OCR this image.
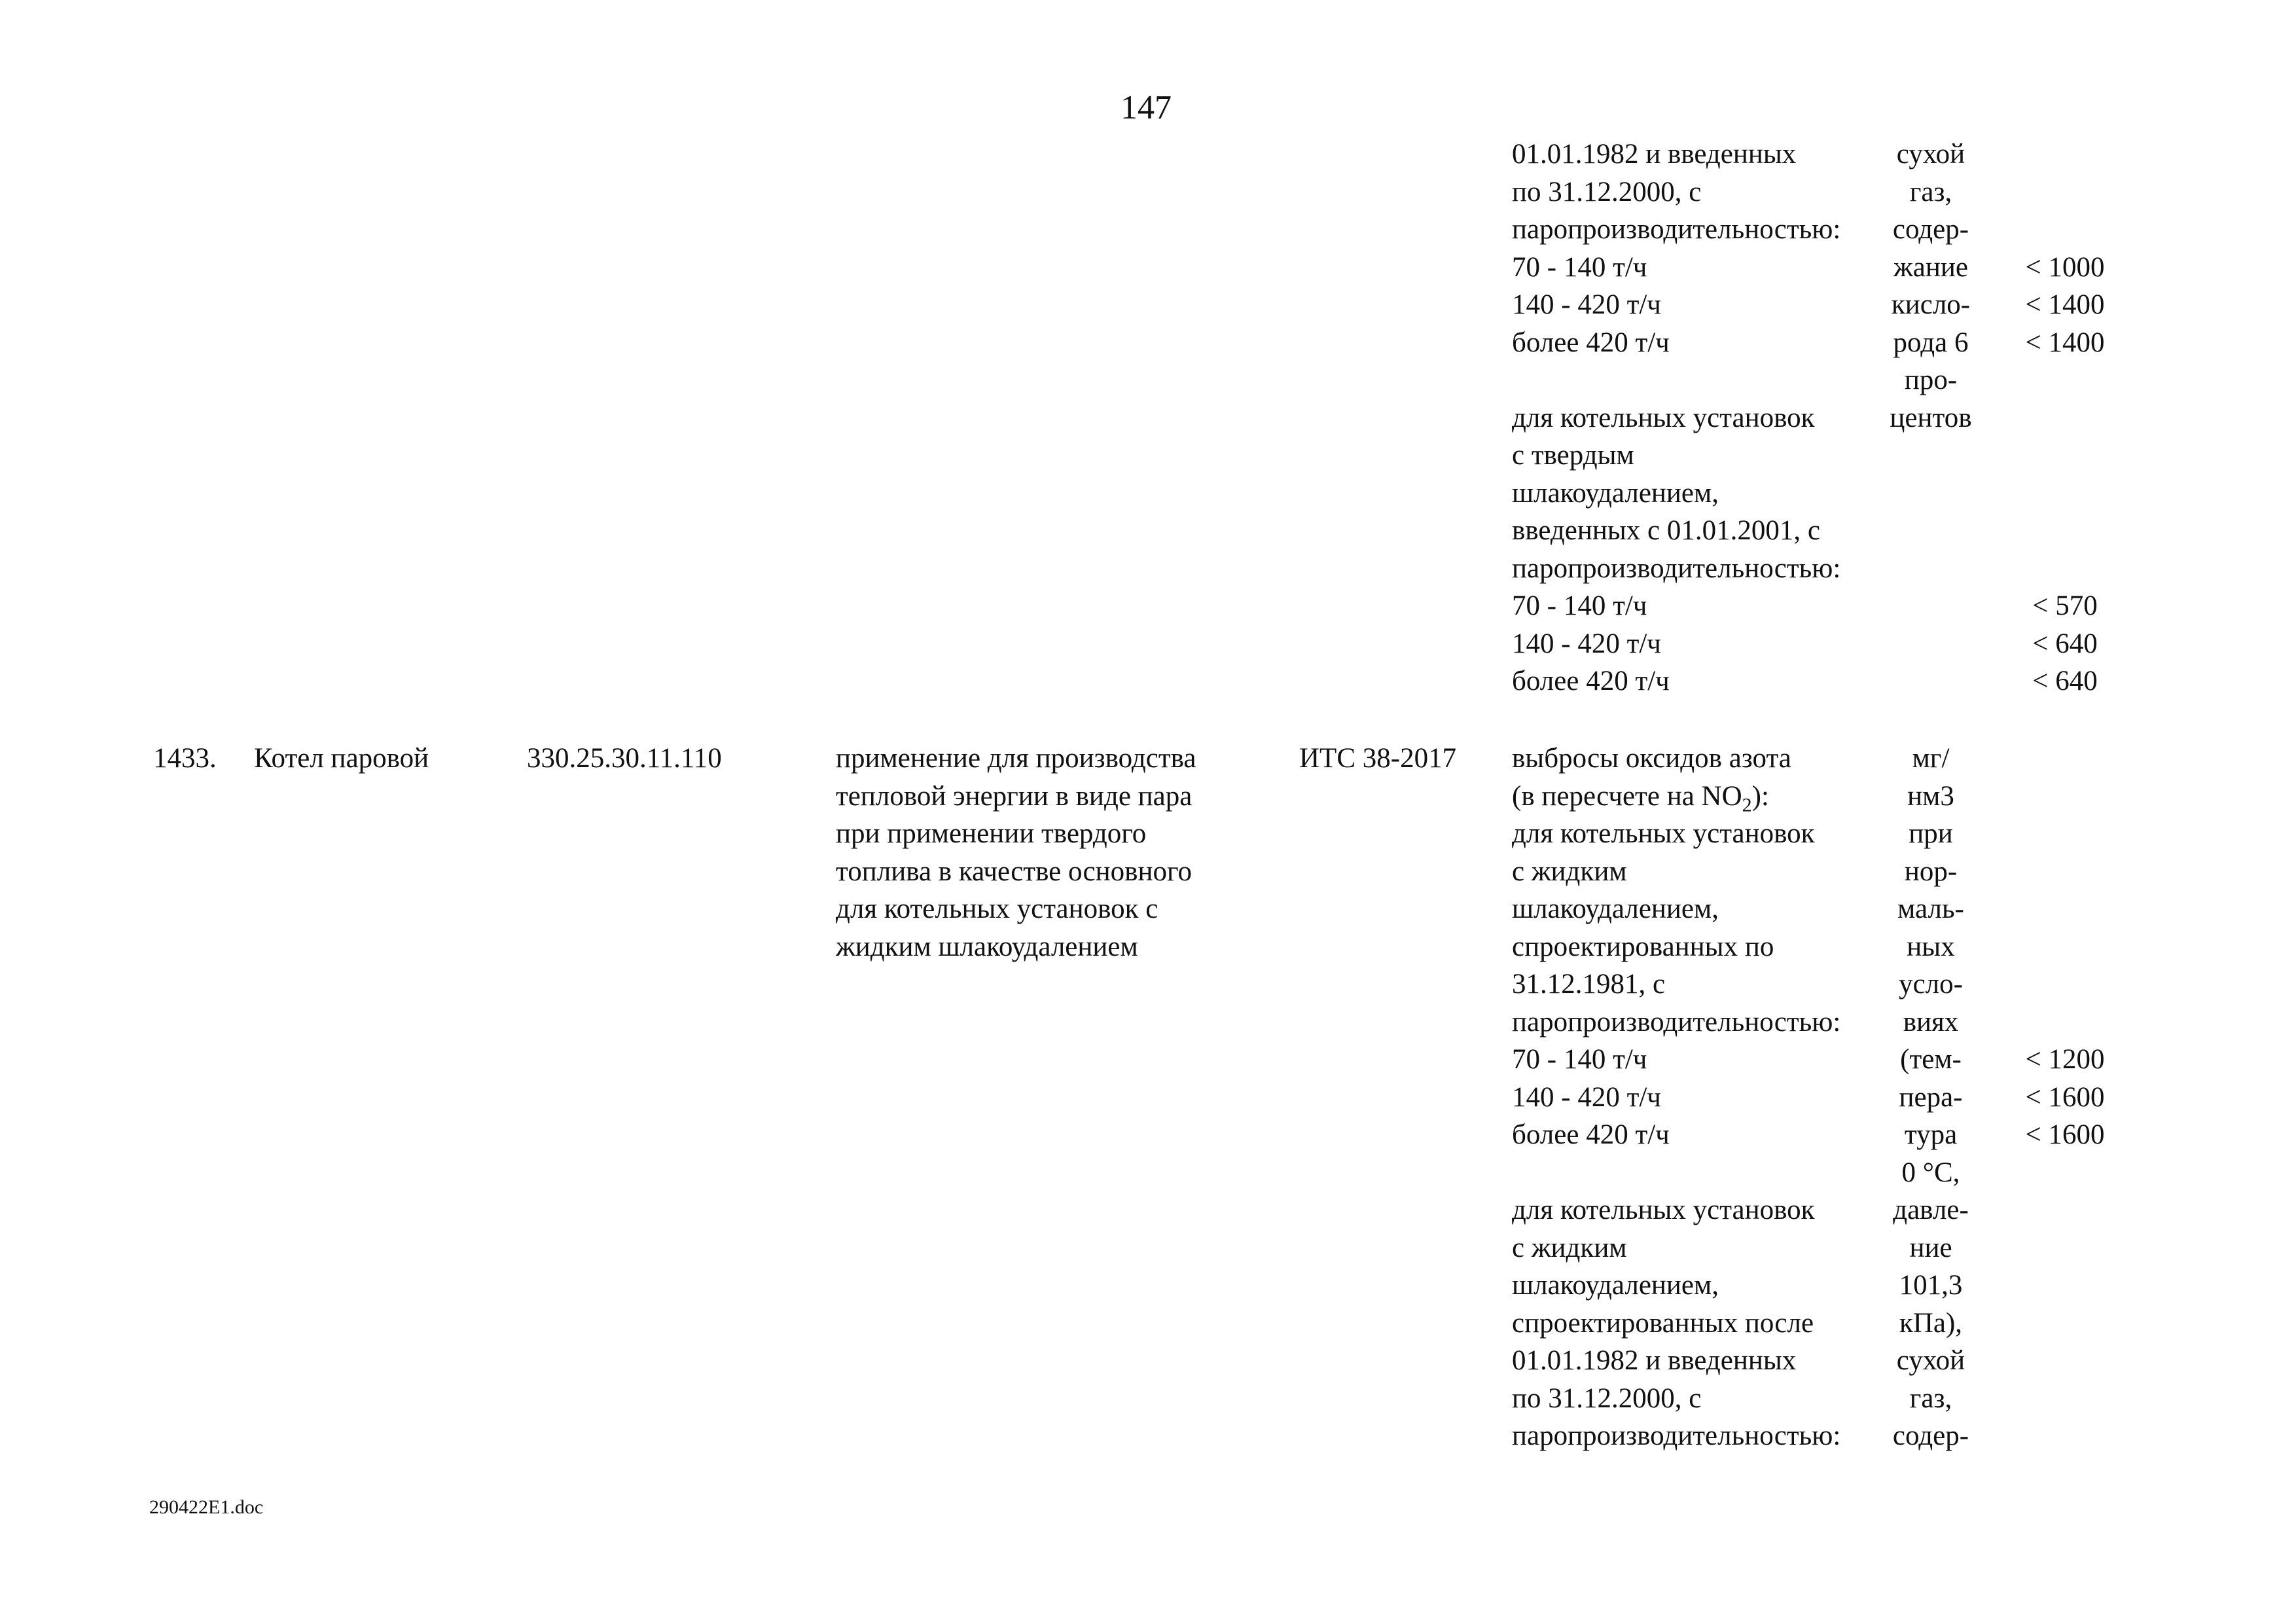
147
01.01.1982 и введенных
по 31.12.2000, с
паропроизводительностью:
70 - 140 т/ч
140 - 420 т/ч
более 420 т/ч

для котельных установок
с твердым
шлакоудалением,
введенных с 01.01.2001, с
паропроизводительностью:
70 - 140 т/ч
140 - 420 т/ч
более 420 т/ч
сухой
газ,
содер-
жание
кисло-
рода 6
про-
центов

< 1000
< 1400
< 1400

< 570
< 640
< 640
1433. Котел паровой	330.25.30.11.110	применение для производства
тепловой энергии в виде пара
при применении твердого
топлива в качестве основного
для котельных установок с
жидким шлакоудалением
ИТС 38-2017 выбросы оксидов азота
(в пересчете на $NO_2$):
для котельных установок
с жидким
шлакоудалением,
спроектированных по
31.12.1981, с
паропроизводительностью:
70 - 140 т/ч
140 - 420 т/ч
более 420 т/ч

для котельных установок
с жидким
шлакоудалением,
спроектированных после
01.01.1982 и введенных
по 31.12.2000, с
паропроизводительностью:
мг/
нм3
при
нор-
маль-
ных
усло-
виях
(тем-
пера-
тура
0 °С,
давле-
ние
101,3
кПа),
сухой
газ,
содер-

< 1200
< 1600
< 1600
290422E1.doc
